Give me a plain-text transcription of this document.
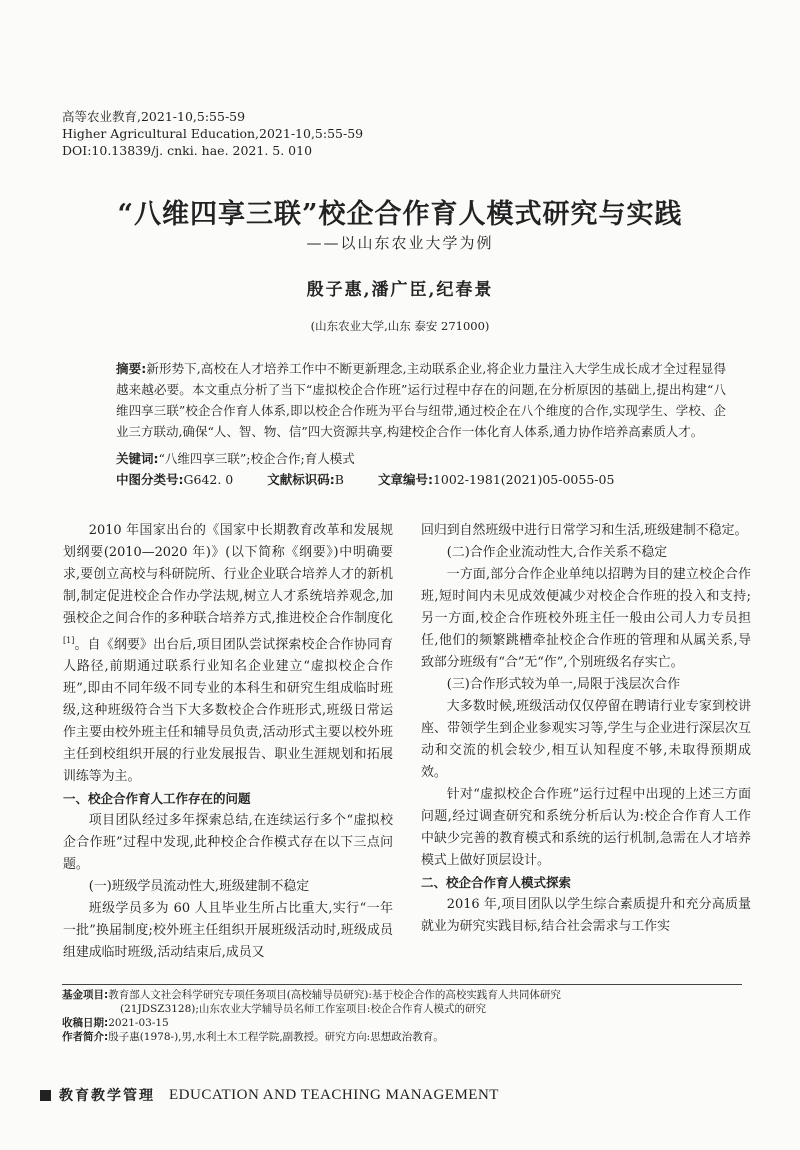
高等农业教育,2021-10,5:55-59
Higher Agricultural Education,2021-10,5:55-59
DOI:10.13839/j. cnki. hae. 2021. 5. 010
“八维四享三联”校企合作育人模式研究与实践
——以山东农业大学为例
殷子惠,潘广臣,纪春景
(山东农业大学,山东 泰安 271000)
摘要:新形势下,高校在人才培养工作中不断更新理念,主动联系企业,将企业力量注入大学生成长成才全过程显得越来越必要。本文重点分析了当下“虚拟校企合作班”运行过程中存在的问题,在分析原因的基础上,提出构建“八维四享三联”校企合作育人体系,即以校企合作班为平台与纽带,通过校企在八个维度的合作,实现学生、学校、企业三方联动,确保“人、智、物、信”四大资源共享,构建校企合作一体化育人体系,通力协作培养高素质人才。
关键词:“八维四享三联”;校企合作;育人模式
中图分类号:G642. 0	文献标识码:B	文章编号:1002-1981(2021)05-0055-05

2010 年国家出台的《国家中长期教育改革和发展规划纲要(2010—2020 年)》(以下简称《纲要》)中明确要求,要创立高校与科研院所、行业企业联合培养人才的新机制,制定促进校企合作办学法规,树立人才系统培养观念,加强校企之间合作的多种联合培养方式,推进校企合作制度化[1]。自《纲要》出台后,项目团队尝试探索校企合作协同育人路径,前期通过联系行业知名企业建立“虚拟校企合作班”,即由不同年级不同专业的本科生和研究生组成临时班级,这种班级符合当下大多数校企合作班形式,班级日常运作主要由校外班主任和辅导员负责,活动形式主要以校外班主任到校组织开展的行业发展报告、职业生涯规划和拓展训练等为主。

一、校企合作育人工作存在的问题

项目团队经过多年探索总结,在连续运行多个“虚拟校企合作班”过程中发现,此种校企合作模式存在以下三点问题。

(一)班级学员流动性大,班级建制不稳定

班级学员多为 60 人且毕业生所占比重大,实行“一年一批”换届制度;校外班主任组织开展班级活动时,班级成员组建成临时班级,活动结束后,成员又

回归到自然班级中进行日常学习和生活,班级建制不稳定。

(二)合作企业流动性大,合作关系不稳定

一方面,部分合作企业单纯以招聘为目的建立校企合作班,短时间内未见成效便减少对校企合作班的投入和支持;另一方面,校企合作班校外班主任一般由公司人力专员担任,他们的频繁跳槽牵扯校企合作班的管理和从属关系,导致部分班级有“合”无“作”,个别班级名存实亡。

(三)合作形式较为单一,局限于浅层次合作

大多数时候,班级活动仅仅停留在聘请行业专家到校讲座、带领学生到企业参观实习等,学生与企业进行深层次互动和交流的机会较少,相互认知程度不够,未取得预期成效。

针对“虚拟校企合作班”运行过程中出现的上述三方面问题,经过调查研究和系统分析后认为:校企合作育人工作中缺少完善的教育模式和系统的运行机制,急需在人才培养模式上做好顶层设计。

二、校企合作育人模式探索

2016 年,项目团队以学生综合素质提升和充分高质量就业为研究实践目标,结合社会需求与工作实

基金项目:教育部人文社会科学研究专项任务项目(高校辅导员研究):基于校企合作的高校实践育人共同体研究
(21JDSZ3128);山东农业大学辅导员名师工作室项目:校企合作育人模式的研究
收稿日期:2021-03-15
作者简介:殷子惠(1978-),男,水利土木工程学院,副教授。研究方向:思想政治教育。
教育教学管理 EDUCATION AND TEACHING MANAGEMENT
